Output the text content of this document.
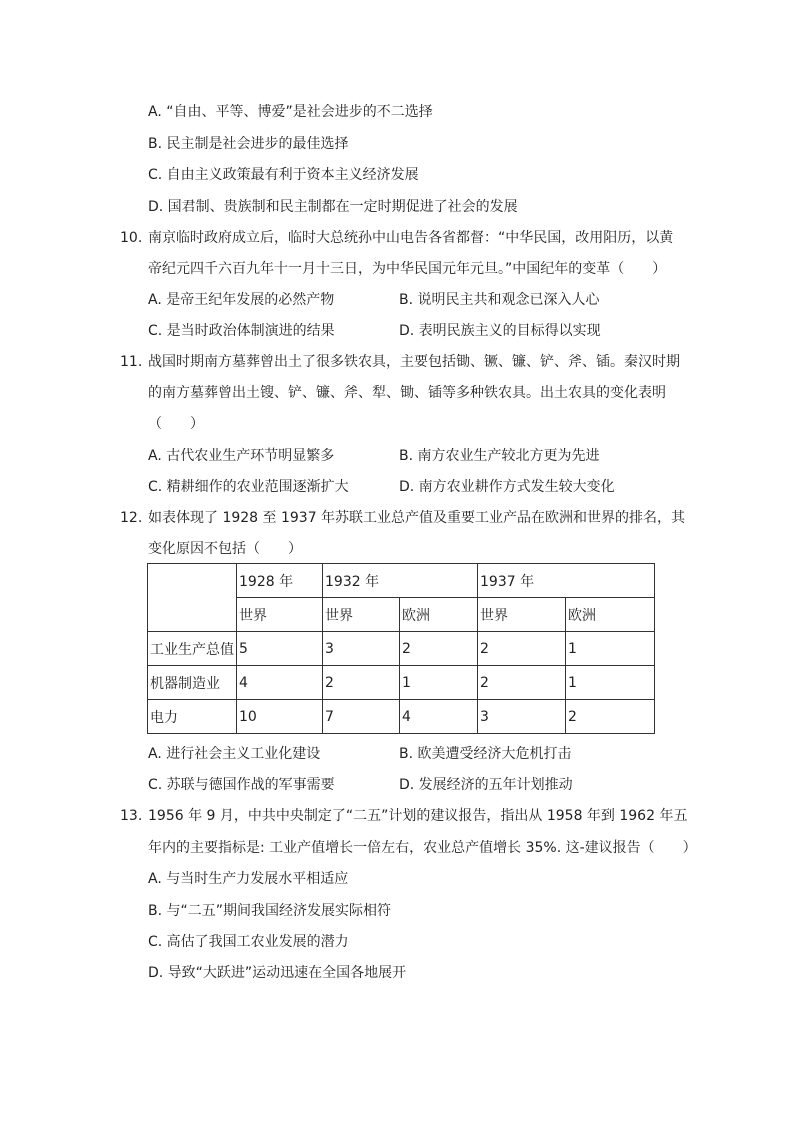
A. “自由、平等、博爱”是社会进步的不二选择
B. 民主制是社会进步的最佳选择
C. 自由主义政策最有利于资本主义经济发展
D. 国君制、贵族制和民主制都在一定时期促进了社会的发展
10. 南京临时政府成立后，临时大总统孙中山电告各省都督：“中华民国，改用阳历，以黄
帝纪元四千六百九年十一月十三日，为中华民国元年元旦。”中国纪年的变革（　　）
A. 是帝王纪年发展的必然产物	B. 说明民主共和观念已深入人心
C. 是当时政治体制演进的结果	D. 表明民族主义的目标得以实现
11. 战国时期南方墓葬曾出土了很多铁农具，主要包括锄、镢、镰、铲、斧、锸。秦汉时期
的南方墓葬曾出土锼、铲、镰、斧、犁、锄、锸等多种铁农具。出土农具的变化表明
（　　）
A. 古代农业生产环节明显繁多	B. 南方农业生产较北方更为先进
C. 精耕细作的农业范围逐渐扩大	D. 南方农业耕作方式发生较大变化
12. 如表体现了 1928 至 1937 年苏联工业总产值及重要工业产品在欧洲和世界的排名，其
变化原因不包括（　　）
	1928 年	1932 年		1937 年	
	世界	世界	欧洲	世界	欧洲
工业生产总值	5	3	2	2	1
机器制造业	4	2	1	2	1
电力	10	7	4	3	2
A. 进行社会主义工业化建设	B. 欧美遭受经济大危机打击
C. 苏联与德国作战的军事需要	D. 发展经济的五年计划推动
13. 1956 年 9 月，中共中央制定了“二五”计划的建议报告，指出从 1958 年到 1962 年五
年内的主要指标是: 工业产值增长一倍左右，农业总产值增长 35%. 这-建议报告（　　）
A. 与当时生产力发展水平相适应
B. 与“二五”期间我国经济发展实际相符
C. 高估了我国工农业发展的潜力
D. 导致“大跃进”运动迅速在全国各地展开
